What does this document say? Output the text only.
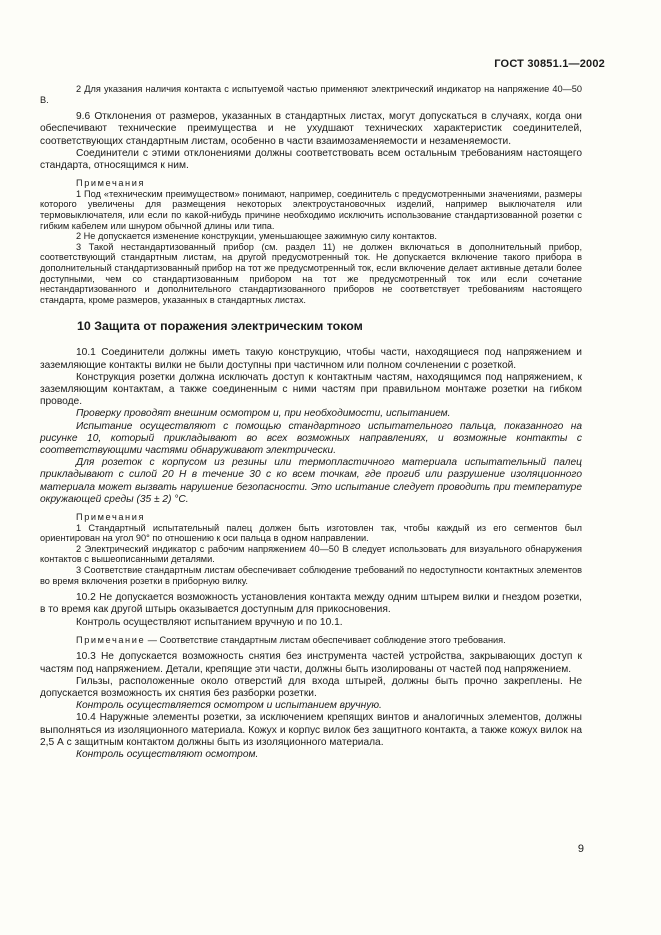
ГОСТ 30851.1—2002

2 Для указания наличия контакта с испытуемой частью применяют электрический индикатор на напряжение 40—50 В.

9.6 Отклонения от размеров, указанных в стандартных листах, могут допускаться в случаях, когда они обеспечивают технические преимущества и не ухудшают технических характеристик соединителей, соответствующих стандартным листам, особенно в части взаимозаменяемости и незаменяемости.

Соединители с этими отклонениями должны соответствовать всем остальным требованиям настоящего стандарта, относящимся к ним.

Примечания

1 Под «техническим преимуществом» понимают, например, соединитель с предусмотренными значениями, размеры которого увеличены для размещения некоторых электроустановочных изделий, например выключателя или термовыключателя, или если по какой-нибудь причине необходимо исключить использование стандартизованной розетки с гибким кабелем или шнуром обычной длины или типа.

2 Не допускается изменение конструкции, уменьшающее зажимную силу контактов.

3 Такой нестандартизованный прибор (см. раздел 11) не должен включаться в дополнительный прибор, соответствующий стандартным листам, на другой предусмотренный ток. Не допускается включение такого прибора в дополнительный стандартизованный прибор на тот же предусмотренный ток, если включение делает активные детали более доступными, чем со стандартизованным прибором на тот же предусмотренный ток или если сочетание нестандартизованного и дополнительного стандартизованного приборов не соответствует требованиям настоящего стандарта, кроме размеров, указанных в стандартных листах.

10 Защита от поражения электрическим током

10.1 Соединители должны иметь такую конструкцию, чтобы части, находящиеся под напряжением и заземляющие контакты вилки не были доступны при частичном или полном сочленении с розеткой.

Конструкция розетки должна исключать доступ к контактным частям, находящимся под напряжением, к заземляющим контактам, а также соединенным с ними частям при правильном монтаже розетки на гибком проводе.

Проверку проводят внешним осмотром и, при необходимости, испытанием.

Испытание осуществляют с помощью стандартного испытательного пальца, показанного на рисунке 10, который прикладывают во всех возможных направлениях, и возможные контакты с соответствующими частями обнаруживают электрически.

Для розеток с корпусом из резины или термопластичного материала испытательный палец прикладывают с силой 20 Н в течение 30 с ко всем точкам, где прогиб или разрушение изоляционного материала может вызвать нарушение безопасности. Это испытание следует проводить при температуре окружающей среды (35 ± 2) °С.

Примечания

1 Стандартный испытательный палец должен быть изготовлен так, чтобы каждый из его сегментов был ориентирован на угол 90° по отношению к оси пальца в одном направлении.

2 Электрический индикатор с рабочим напряжением 40—50 В следует использовать для визуального обнаружения контактов с вышеописанными деталями.

3 Соответствие стандартным листам обеспечивает соблюдение требований по недоступности контактных элементов во время включения розетки в приборную вилку.

10.2 Не допускается возможность установления контакта между одним штырем вилки и гнездом розетки, в то время как другой штырь оказывается доступным для прикосновения.

Контроль осуществляют испытанием вручную и по 10.1.

Примечание — Соответствие стандартным листам обеспечивает соблюдение этого требования.

10.3 Не допускается возможность снятия без инструмента частей устройства, закрывающих доступ к частям под напряжением. Детали, крепящие эти части, должны быть изолированы от частей под напряжением.

Гильзы, расположенные около отверстий для входа штырей, должны быть прочно закреплены. Не допускается возможность их снятия без разборки розетки.

Контроль осуществляется осмотром и испытанием вручную.

10.4 Наружные элементы розетки, за исключением крепящих винтов и аналогичных элементов, должны выполняться из изоляционного материала. Кожух и корпус вилок без защитного контакта, а также кожух вилок на 2,5 А с защитным контактом должны быть из изоляционного материала.

Контроль осуществляют осмотром.

9
